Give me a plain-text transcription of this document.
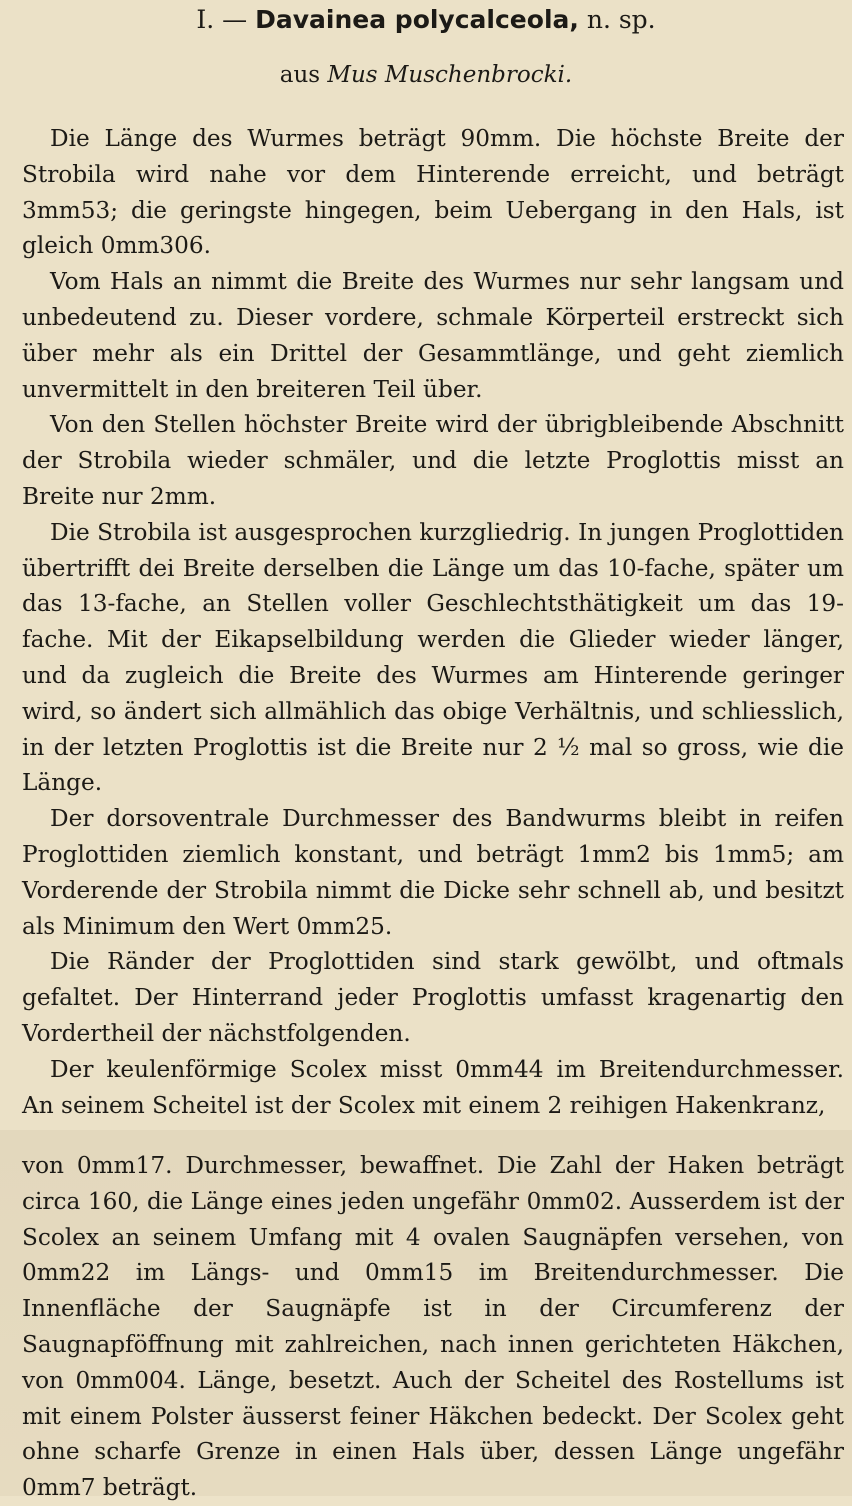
I. — Davainea polycalceola, n. sp.
aus Mus Muschenbrocki.

Die Länge des Wurmes beträgt 90mm. Die höchste Breite der Strobila wird nahe vor dem Hinterende erreicht, und beträgt 3mm53; die geringste hingegen, beim Uebergang in den Hals, ist gleich 0mm306.

Vom Hals an nimmt die Breite des Wurmes nur sehr langsam und unbedeutend zu. Dieser vordere, schmale Körperteil erstreckt sich über mehr als ein Drittel der Gesammtlänge, und geht ziemlich unvermittelt in den breiteren Teil über.

Von den Stellen höchster Breite wird der übrigbleibende Abschnitt der Strobila wieder schmäler, und die letzte Proglottis misst an Breite nur 2mm.

Die Strobila ist ausgesprochen kurzgliedrig. In jungen Proglottiden übertrifft dei Breite derselben die Länge um das 10-fache, später um das 13-fache, an Stellen voller Geschlechtsthätigkeit um das 19-fache. Mit der Eikapselbildung werden die Glieder wieder länger, und da zugleich die Breite des Wurmes am Hinterende geringer wird, so ändert sich allmählich das obige Verhältnis, und schliesslich, in der letzten Proglottis ist die Breite nur 2 ½ mal so gross, wie die Länge.

Der dorsoventrale Durchmesser des Bandwurms bleibt in reifen Proglottiden ziemlich konstant, und beträgt 1mm2 bis 1mm5; am Vorderende der Strobila nimmt die Dicke sehr schnell ab, und besitzt als Minimum den Wert 0mm25.

Die Ränder der Proglottiden sind stark gewölbt, und oftmals gefaltet. Der Hinterrand jeder Proglottis umfasst kragenartig den Vordertheil der nächstfolgenden.

Der keulenförmige Scolex misst 0mm44 im Breitendurchmesser. An seinem Scheitel ist der Scolex mit einem 2 reihigen Hakenkranz,

von 0mm17. Durchmesser, bewaffnet. Die Zahl der Haken beträgt circa 160, die Länge eines jeden ungefähr 0mm02. Ausserdem ist der Scolex an seinem Umfang mit 4 ovalen Saugnäpfen versehen, von 0mm22 im Längs- und 0mm15 im Breitendurchmesser. Die Innenfläche der Saugnäpfe ist in der Circumferenz der Saugnapföffnung mit zahlreichen, nach innen gerichteten Häkchen, von 0mm004. Länge, besetzt. Auch der Scheitel des Rostellums ist mit einem Polster äusserst feiner Häkchen bedeckt. Der Scolex geht ohne scharfe Grenze in einen Hals über, dessen Länge ungefähr 0mm7 beträgt.
